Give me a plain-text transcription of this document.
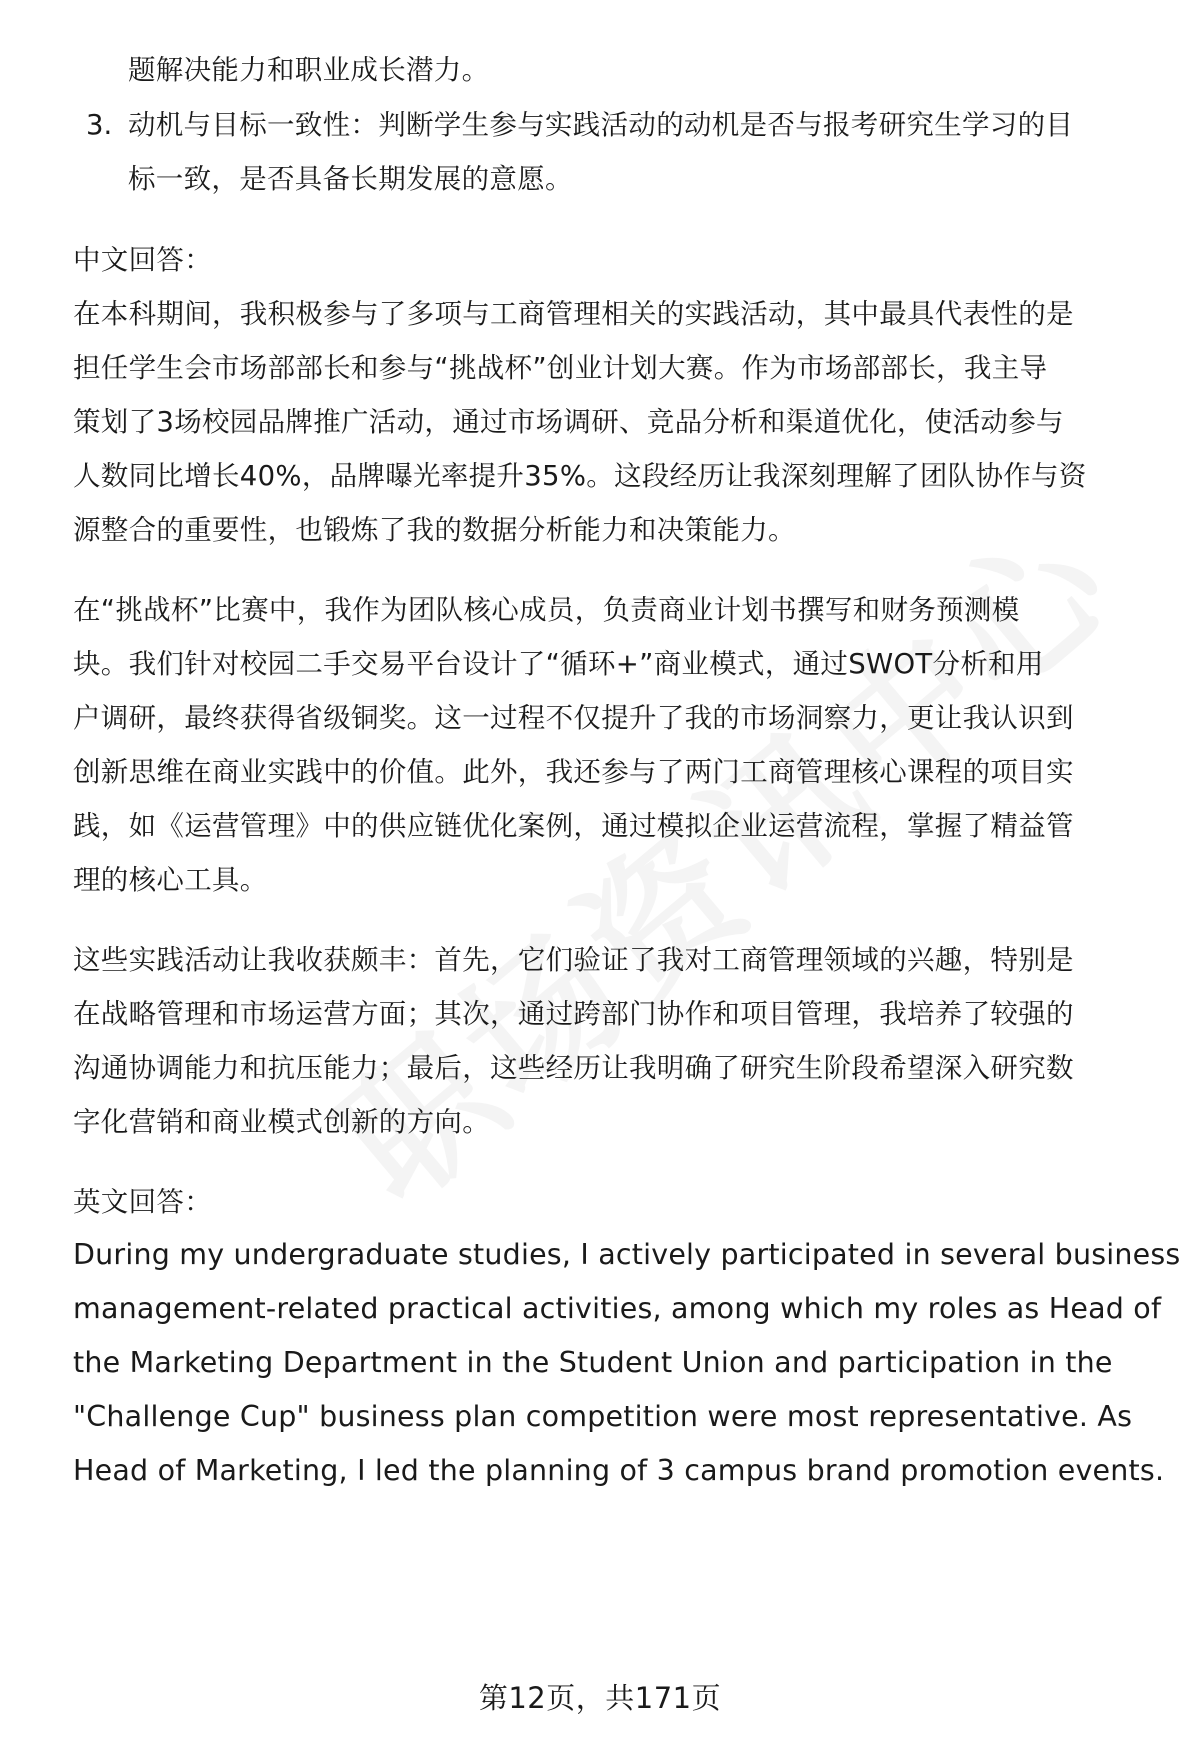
题解决能力和职业成长潜力。
3. 动机与目标一致性：判断学生参与实践活动的动机是否与报考研究生学习的目
标一致，是否具备长期发展的意愿。
中文回答：
在本科期间，我积极参与了多项与工商管理相关的实践活动，其中最具代表性的是
担任学生会市场部部长和参与“挑战杯”创业计划大赛。作为市场部部长，我主导
策划了3场校园品牌推广活动，通过市场调研、竞品分析和渠道优化，使活动参与
人数同比增长40%，品牌曝光率提升35%。这段经历让我深刻理解了团队协作与资
源整合的重要性，也锻炼了我的数据分析能力和决策能力。
在“挑战杯”比赛中，我作为团队核心成员，负责商业计划书撰写和财务预测模
块。我们针对校园二手交易平台设计了“循环+”商业模式，通过SWOT分析和用
户调研，最终获得省级铜奖。这一过程不仅提升了我的市场洞察力，更让我认识到
创新思维在商业实践中的价值。此外，我还参与了两门工商管理核心课程的项目实
践，如《运营管理》中的供应链优化案例，通过模拟企业运营流程，掌握了精益管
理的核心工具。
这些实践活动让我收获颇丰：首先，它们验证了我对工商管理领域的兴趣，特别是
在战略管理和市场运营方面；其次，通过跨部门协作和项目管理，我培养了较强的
沟通协调能力和抗压能力；最后，这些经历让我明确了研究生阶段希望深入研究数
字化营销和商业模式创新的方向。
英文回答：
During my undergraduate studies, I actively participated in several business
management-related practical activities, among which my roles as Head of
the Marketing Department in the Student Union and participation in the
"Challenge Cup" business plan competition were most representative. As
Head of Marketing, I led the planning of 3 campus brand promotion events.
第12页，共171页
